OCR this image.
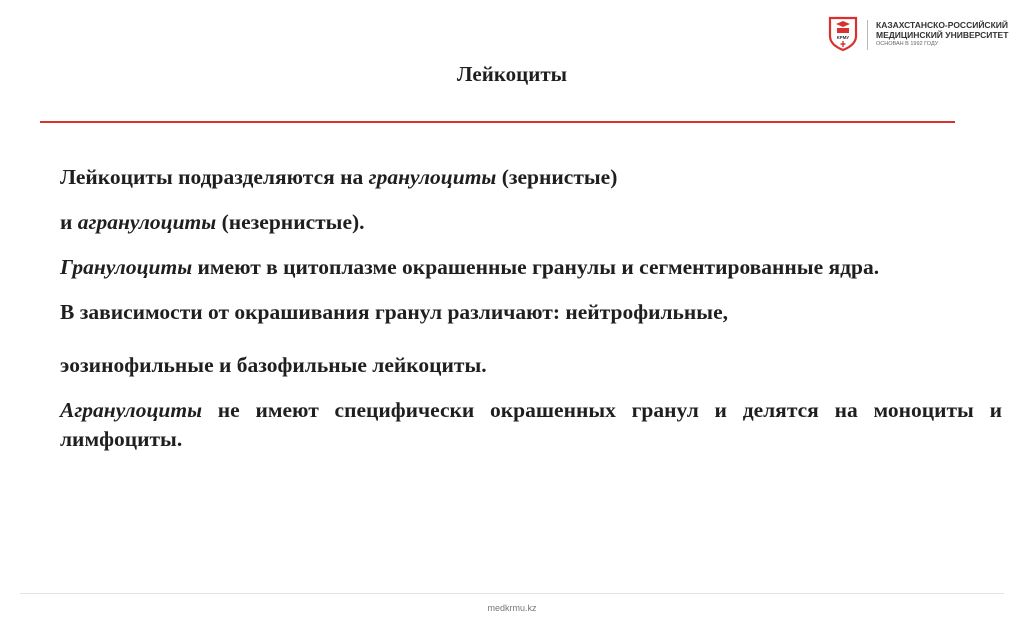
КРМУ
КАЗАХСТАНСКО-РОССИЙСКИЙ
МЕДИЦИНСКИЙ УНИВЕРСИТЕТ
ОСНОВАН В 1992 ГОДУ
Лейкоциты

Лейкоциты подразделяются на гранулоциты (зернистые)

и агранулоциты (незернистые).

Гранулоциты имеют в цитоплазме окрашенные гранулы и сегментированные ядра.

В зависимости от окрашивания гранул различают: нейтрофильные,

эозинофильные и базофильные лейкоциты.

Агранулоциты не имеют специфически окрашенных гранул и делятся на моноциты и лимфоциты.

medkrmu.kz
